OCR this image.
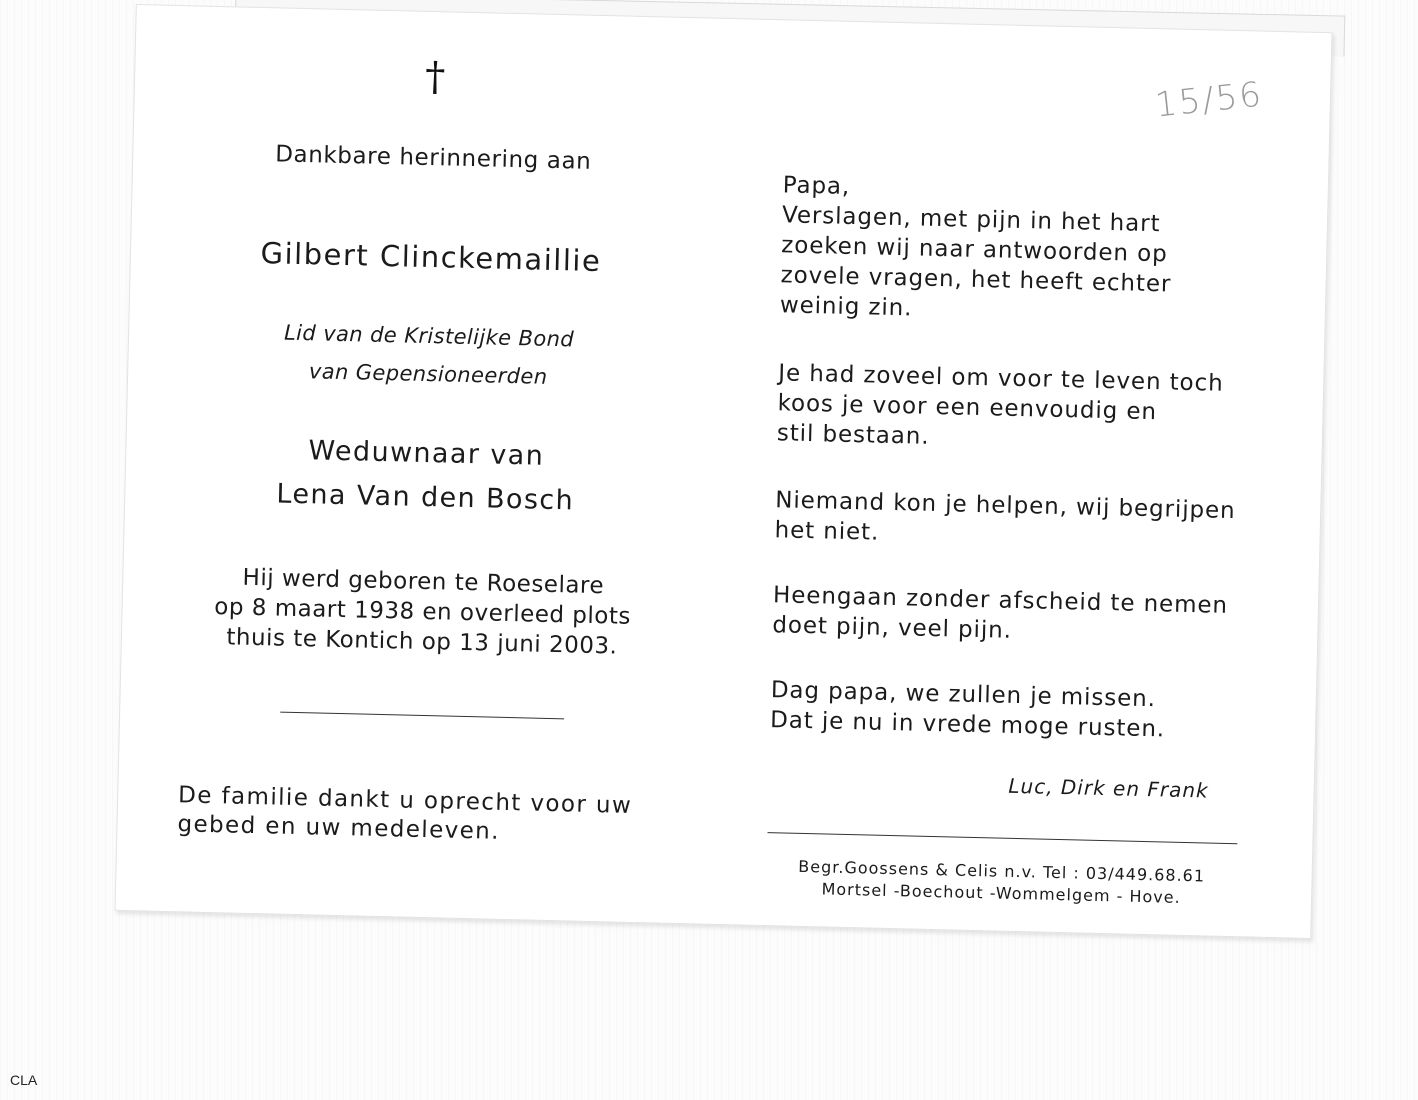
†
Dankbare herinnering aan
Gilbert Clinckemaillie
Lid van de Kristelijke Bond
van Gepensioneerden
Weduwnaar van
Lena Van den Bosch
Hij werd geboren te Roeselare
op 8 maart 1938 en overleed plots
thuis te Kontich op 13 juni 2003.
De familie dankt u oprecht voor uw
gebed en uw medeleven.
Papa,
Verslagen, met pijn in het hart
zoeken wij naar antwoorden op
zovele vragen, het heeft echter
weinig zin.
Je had zoveel om voor te leven toch
koos je voor een eenvoudig en
stil bestaan.
Niemand kon je helpen, wij begrijpen
het niet.
Heengaan zonder afscheid te nemen
doet pijn, veel pijn.
Dag papa, we zullen je missen.
Dat je nu in vrede moge rusten.
Luc, Dirk en Frank
Begr.Goossens & Celis n.v. Tel : 03/449.68.61
Mortsel -Boechout -Wommelgem - Hove.
15/56
CLA
